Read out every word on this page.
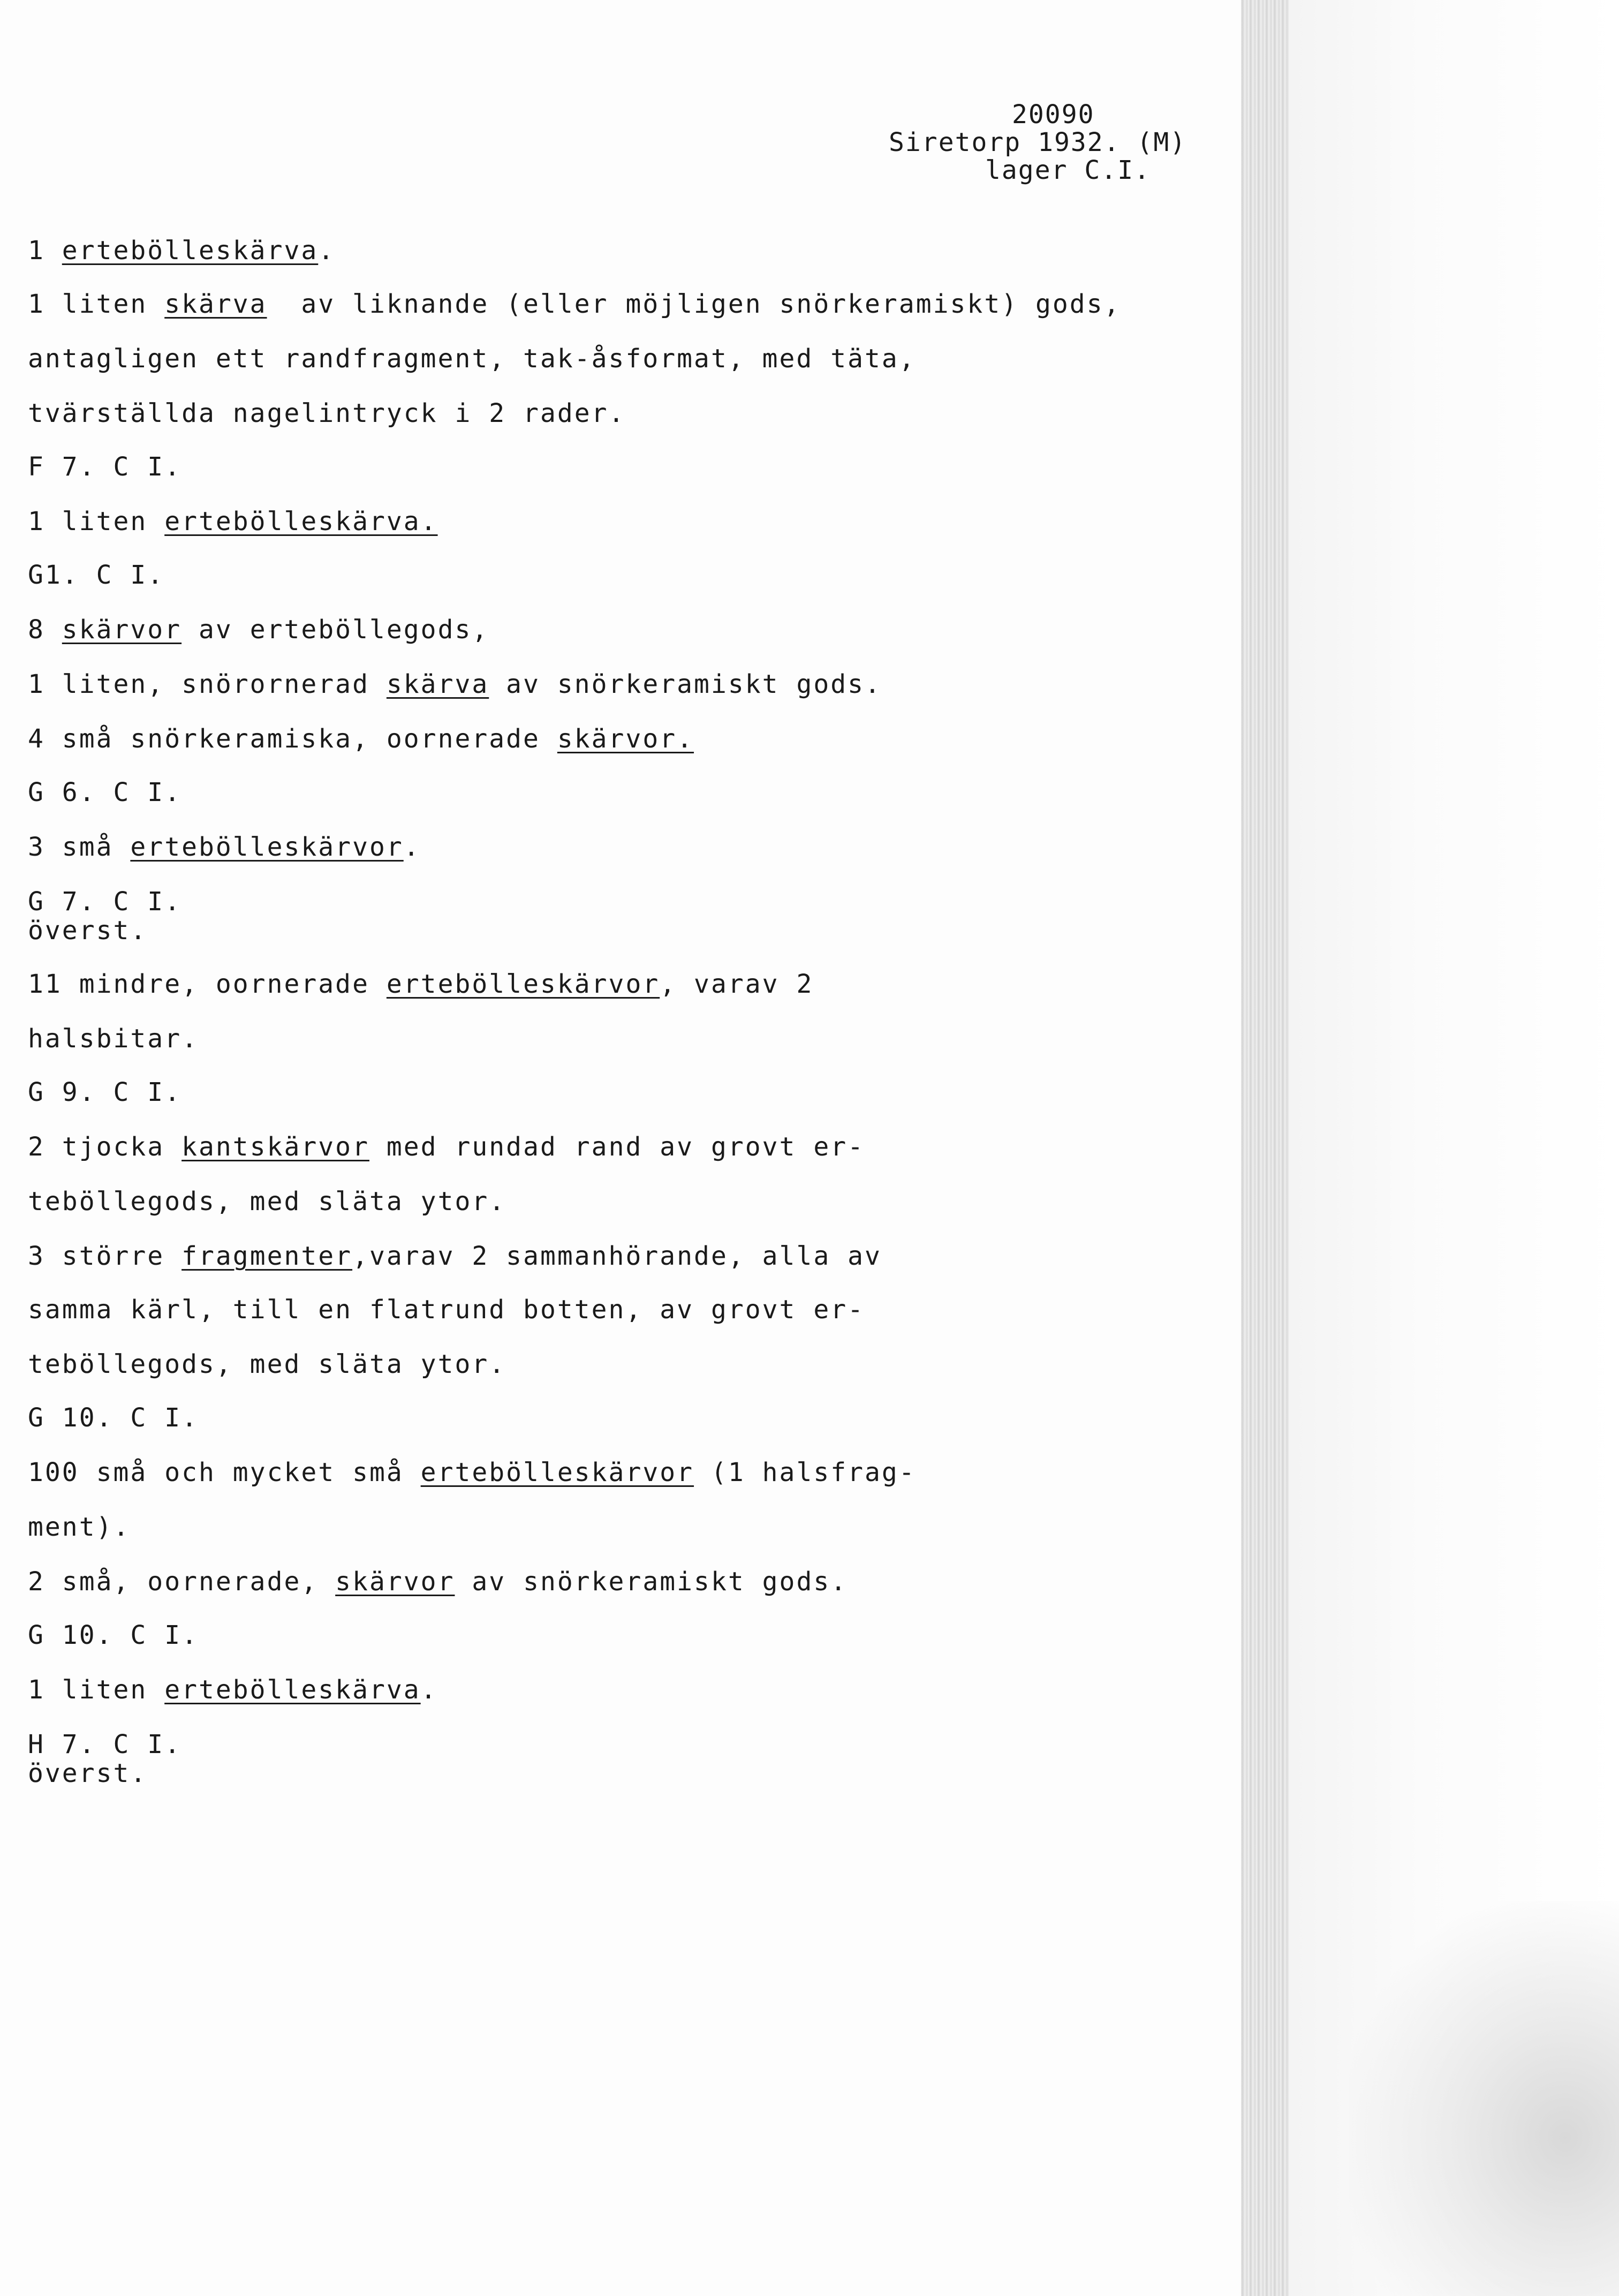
20090
Siretorp 1932. (M)
lager C.I.
1 ertebölleskärva.
1 liten skärva  av liknande (eller möjligen snörkeramiskt) gods,
antagligen ett randfragment, tak-åsformat, med täta,
tvärställda nagelintryck i 2 rader.
F 7. C I.
1 liten ertebölleskärva.
G1. C I.
8 skärvor av erteböllegods,
1 liten, snörornerad skärva av snörkeramiskt gods.
4 små snörkeramiska, oornerade skärvor.
G 6. C I.
3 små ertebölleskärvor.
G 7. C I.
överst.
11 mindre, oornerade ertebölleskärvor, varav 2
halsbitar.
G 9. C I.
2 tjocka kantskärvor med rundad rand av grovt er-
teböllegods, med släta ytor.
3 större fragmenter,varav 2 sammanhörande, alla av
samma kärl, till en flatrund botten, av grovt er-
teböllegods, med släta ytor.
G 10. C I.
100 små och mycket små ertebölleskärvor (1 halsfrag-
ment).
2 små, oornerade, skärvor av snörkeramiskt gods.
G 10. C I.
1 liten ertebölleskärva.
H 7. C I.
överst.
